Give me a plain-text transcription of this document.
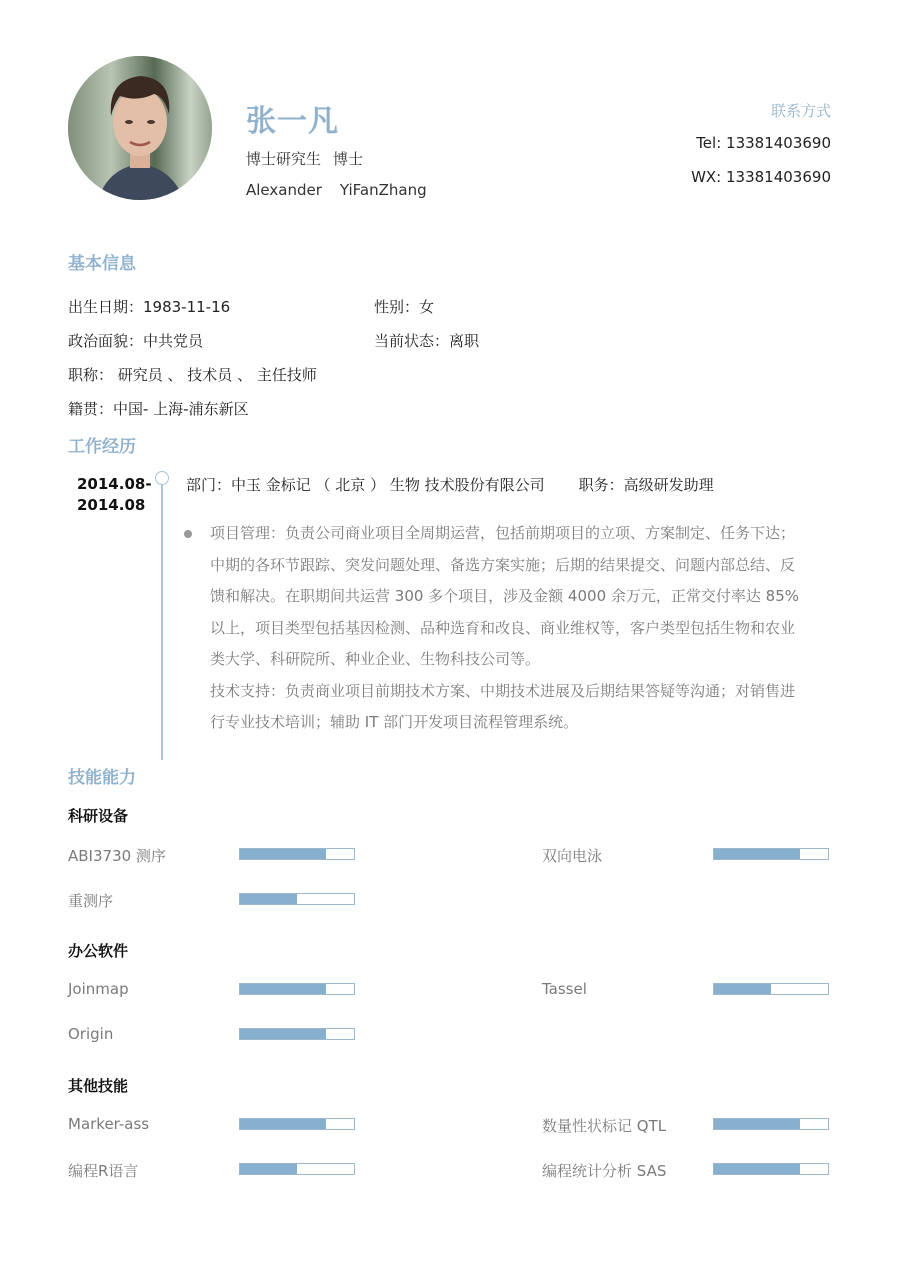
张一凡
博士研究生 博士
Alexander YiFanZhang
联系方式
Tel: 13381403690
WX: 13381403690
基本信息
出生日期：1983-11-16	性别：女
政治面貌：中共党员	当前状态：离职
职称： 研究员 、 技术员 、 主任技师
籍贯：中国- 上海-浦东新区
工作经历
2014.08-
2014.08
部门：中玉 金标记 （ 北京 ） 生物 技术股份有限公司 职务：高级研发助理
项目管理：负责公司商业项目全周期运营，包括前期项目的立项、方案制定、任务下达；
中期的各环节跟踪、突发问题处理、备选方案实施；后期的结果提交、问题内部总结、反
馈和解决。在职期间共运营 300 多个项目，涉及金额 4000 余万元，正常交付率达 85%
以上，项目类型包括基因检测、品种选育和改良、商业维权等，客户类型包括生物和农业
类大学、科研院所、种业企业、生物科技公司等。
技术支持：负责商业项目前期技术方案、中期技术进展及后期结果答疑等沟通；对销售进
行专业技术培训；辅助 IT 部门开发项目流程管理系统。
技能能力
科研设备
ABI3730 测序	双向电泳
重测序
办公软件
Joinmap	Tassel
Origin
其他技能
Marker-ass	数量性状标记 QTL
编程R语言	编程统计分析 SAS
